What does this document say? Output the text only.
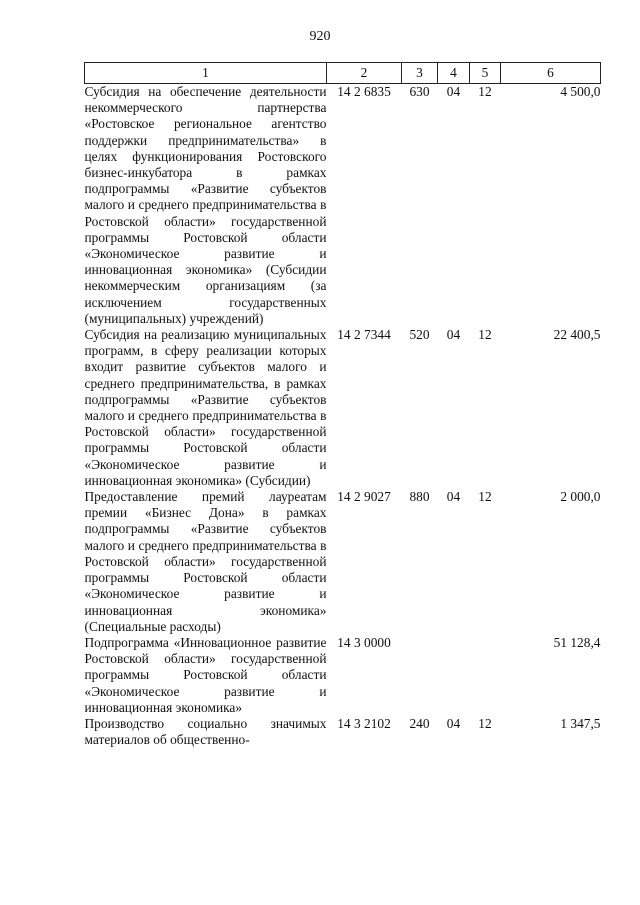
920
1	2	3	4	5	6
Субсидия на обеспечение деятельности некоммерческого партнерства «Ростовское региональное агентство поддержки предпринимательства» в целях функционирования Ростовского бизнес-инкубатора в рамках подпрограммы «Развитие субъектов малого и среднего предпринимательства в Ростовской области» государственной программы Ростовской области «Экономическое развитие и инновационная экономика» (Субсидии некоммерческим организациям (за исключением государственных (муниципальных) учреждений)	14 2 6835	630	04	12	4 500,0
Субсидия на реализацию муниципальных программ, в сферу реализации которых входит развитие субъектов малого и среднего предпринимательства, в рамках подпрограммы «Развитие субъектов малого и среднего предпринимательства в Ростовской области» государственной программы Ростовской области «Экономическое развитие и инновационная экономика» (Субсидии)	14 2 7344	520	04	12	22 400,5
Предоставление премий лауреатам премии «Бизнес Дона» в рамках подпрограммы «Развитие субъектов малого и среднего предпринимательства в Ростовской области» государственной программы Ростовской области «Экономическое развитие и инновационная экономика» (Специальные расходы)	14 2 9027	880	04	12	2 000,0
Подпрограмма «Инновационное развитие Ростовской области» государственной программы Ростовской области «Экономическое развитие и инновационная экономика»	14 3 0000				51 128,4
Производство социально значимых материалов об общественно-	14 3 2102	240	04	12	1 347,5
